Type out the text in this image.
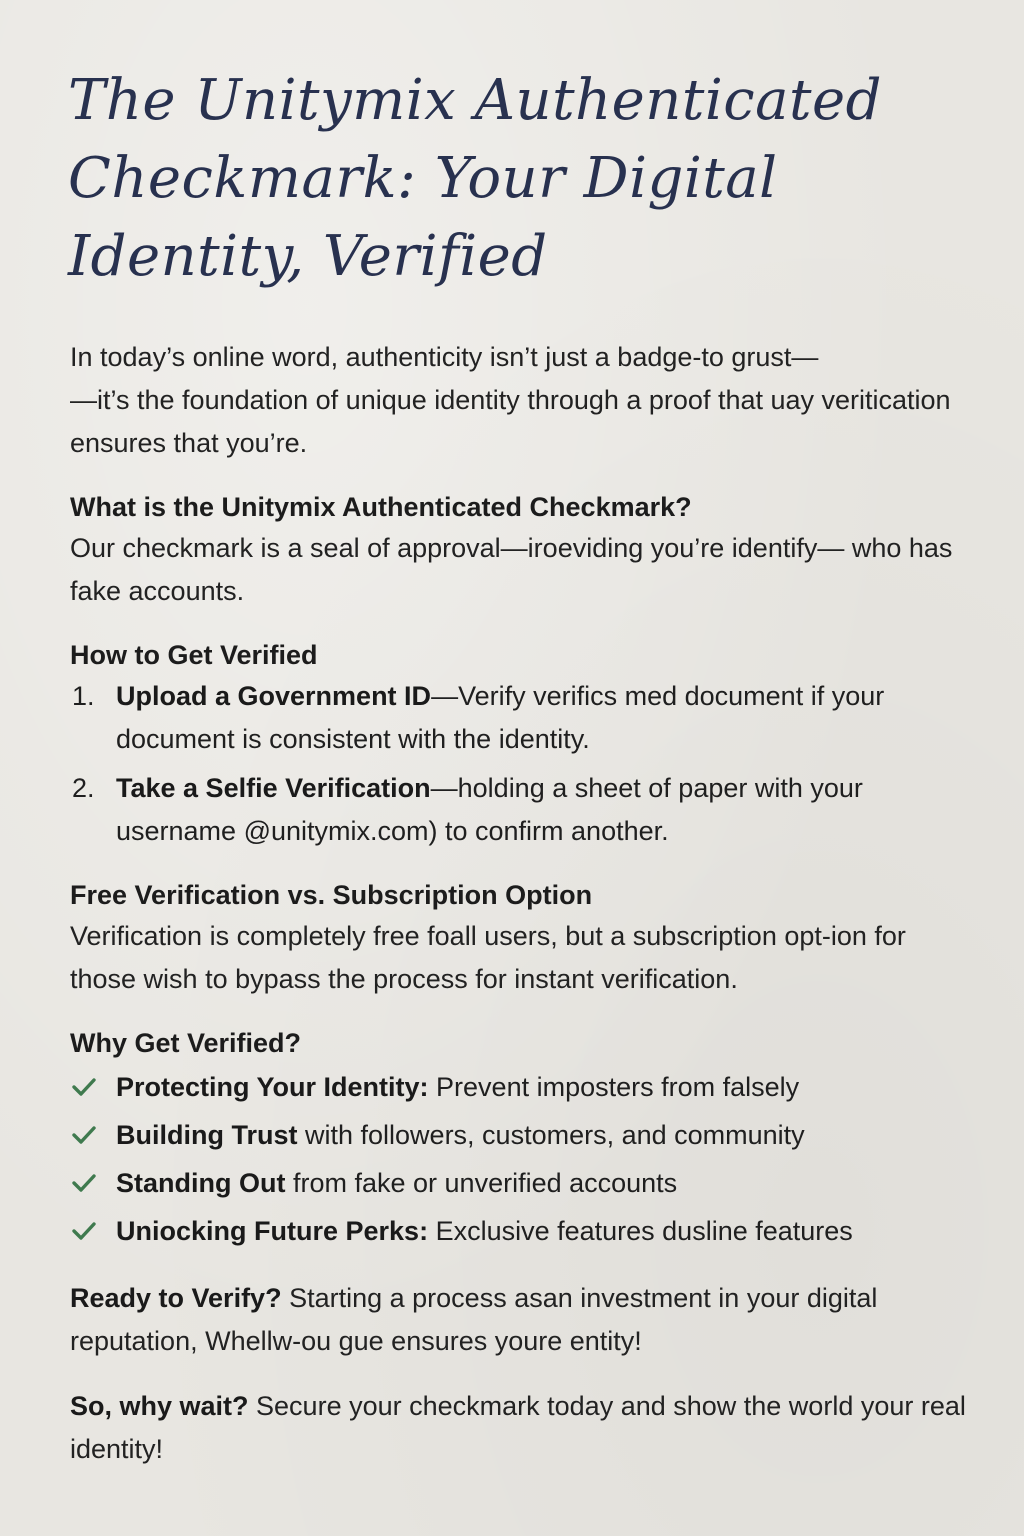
The Unitymix Authenticated Checkmark: Your Digital Identity, Verified

In today’s online word, authenticity isn’t just a badge-to grust—
—it’s the foundation of unique identity through a proof that uay veritication ensures that you’re.

What is the Unitymix Authenticated Checkmark?

Our checkmark is a seal of approval—iroeviding you’re identify— who has fake accounts.

How to Get Verified
1. Upload a Government ID—Verify verifics med document if your document is consistent with the identity.
2. Take a Selfie Verification—holding a sheet of paper with your username @unitymix.com) to confirm another.
Free Verification vs. Subscription Option

Verification is completely free foall users, but a subscription opt-ion for those wish to bypass the process for instant verification.

Why Get Verified?
Protecting Your Identity: Prevent imposters from falsely
Building Trust with followers, customers, and community
Standing Out from fake or unverified accounts
Uniocking Future Perks: Exclusive features dusline features

Ready to Verify? Starting a process asan investment in your digital reputation, Whellw-ou gue ensures youre entity!

So, why wait? Secure your checkmark today and show the world your real identity!
